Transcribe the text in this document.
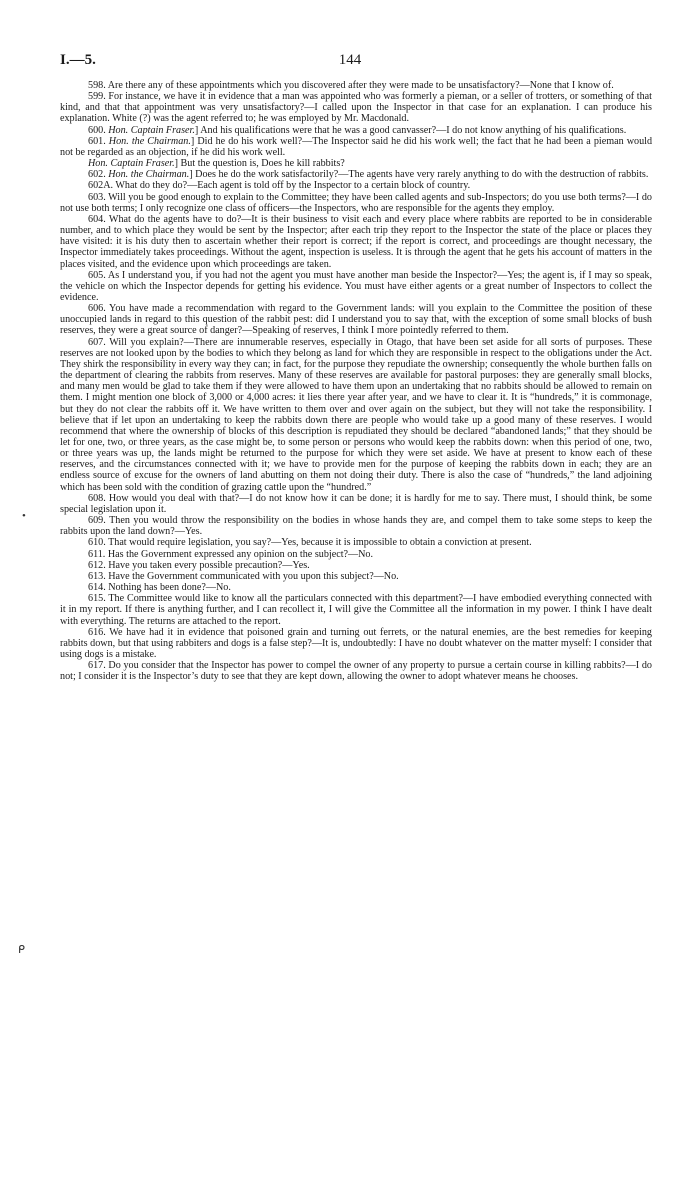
I.—5.	144
•
ᑭ

598. Are there any of these appointments which you discovered after they were made to be unsatisfactory?—None that I know of.

599. For instance, we have it in evidence that a man was appointed who was formerly a pieman, or a seller of trotters, or something of that kind, and that that appointment was very unsatisfactory?—I called upon the Inspector in that case for an explanation. I can produce his explanation. White (?) was the agent referred to; he was employed by Mr. Macdonald.

600. Hon. Captain Fraser.] And his qualifications were that he was a good canvasser?—I do not know anything of his qualifications.

601. Hon. the Chairman.] Did he do his work well?—The Inspector said he did his work well; the fact that he had been a pieman would not be regarded as an objection, if he did his work well.

Hon. Captain Fraser.] But the question is, Does he kill rabbits?

602. Hon. the Chairman.] Does he do the work satisfactorily?—The agents have very rarely anything to do with the destruction of rabbits.

602A. What do they do?—Each agent is told off by the Inspector to a certain block of country.

603. Will you be good enough to explain to the Committee; they have been called agents and sub-Inspectors; do you use both terms?—I do not use both terms; I only recognize one class of officers—the Inspectors, who are responsible for the agents they employ.

604. What do the agents have to do?—It is their business to visit each and every place where rabbits are reported to be in considerable number, and to which place they would be sent by the Inspector; after each trip they report to the Inspector the state of the place or places they have visited: it is his duty then to ascertain whether their report is correct; if the report is correct, and proceedings are thought necessary, the Inspector immediately takes proceedings. Without the agent, inspection is useless. It is through the agent that he gets his account of matters in the places visited, and the evidence upon which proceedings are taken.

605. As I understand you, if you had not the agent you must have another man beside the Inspector?—Yes; the agent is, if I may so speak, the vehicle on which the Inspector depends for getting his evidence. You must have either agents or a great number of Inspectors to collect the evidence.

606. You have made a recommendation with regard to the Government lands: will you explain to the Committee the position of these unoccupied lands in regard to this question of the rabbit pest: did I understand you to say that, with the exception of some small blocks of bush reserves, they were a great source of danger?—Speaking of reserves, I think I more pointedly referred to them.

607. Will you explain?—There are innumerable reserves, especially in Otago, that have been set aside for all sorts of purposes. These reserves are not looked upon by the bodies to which they belong as land for which they are responsible in respect to the obligations under the Act. They shirk the responsibility in every way they can; in fact, for the purpose they repudiate the ownership; consequently the whole burthen falls on the department of clearing the rabbits from reserves. Many of these reserves are available for pastoral purposes: they are generally small blocks, and many men would be glad to take them if they were allowed to have them upon an undertaking that no rabbits should be allowed to remain on them. I might mention one block of 3,000 or 4,000 acres: it lies there year after year, and we have to clear it. It is “hundreds,” it is commonage, but they do not clear the rabbits off it. We have written to them over and over again on the subject, but they will not take the responsibility. I believe that if let upon an undertaking to keep the rabbits down there are people who would take up a good many of these reserves. I would recommend that where the ownership of blocks of this description is repudiated they should be declared “abandoned lands;” that they should be let for one, two, or three years, as the case might be, to some person or persons who would keep the rabbits down: when this period of one, two, or three years was up, the lands might be returned to the purpose for which they were set aside. We have at present to know each of these reserves, and the circumstances connected with it; we have to provide men for the purpose of keeping the rabbits down in each; they are an endless source of excuse for the owners of land abutting on them not doing their duty. There is also the case of “hundreds,” the land adjoining which has been sold with the condition of grazing cattle upon the “hundred.”

608. How would you deal with that?—I do not know how it can be done; it is hardly for me to say. There must, I should think, be some special legislation upon it.

609. Then you would throw the responsibility on the bodies in whose hands they are, and compel them to take some steps to keep the rabbits upon the land down?—Yes.

610. That would require legislation, you say?—Yes, because it is impossible to obtain a conviction at present.

611. Has the Government expressed any opinion on the subject?—No.

612. Have you taken every possible precaution?—Yes.

613. Have the Government communicated with you upon this subject?—No.

614. Nothing has been done?—No.

615. The Committee would like to know all the particulars connected with this department?—I have embodied everything connected with it in my report. If there is anything further, and I can recollect it, I will give the Committee all the information in my power. I think I have dealt with everything. The returns are attached to the report.

616. We have had it in evidence that poisoned grain and turning out ferrets, or the natural enemies, are the best remedies for keeping rabbits down, but that using rabbiters and dogs is a false step?—It is, undoubtedly: I have no doubt whatever on the matter myself: I consider that using dogs is a mistake.

617. Do you consider that the Inspector has power to compel the owner of any property to pursue a certain course in killing rabbits?—I do not; I consider it is the Inspector’s duty to see that they are kept down, allowing the owner to adopt whatever means he chooses.
